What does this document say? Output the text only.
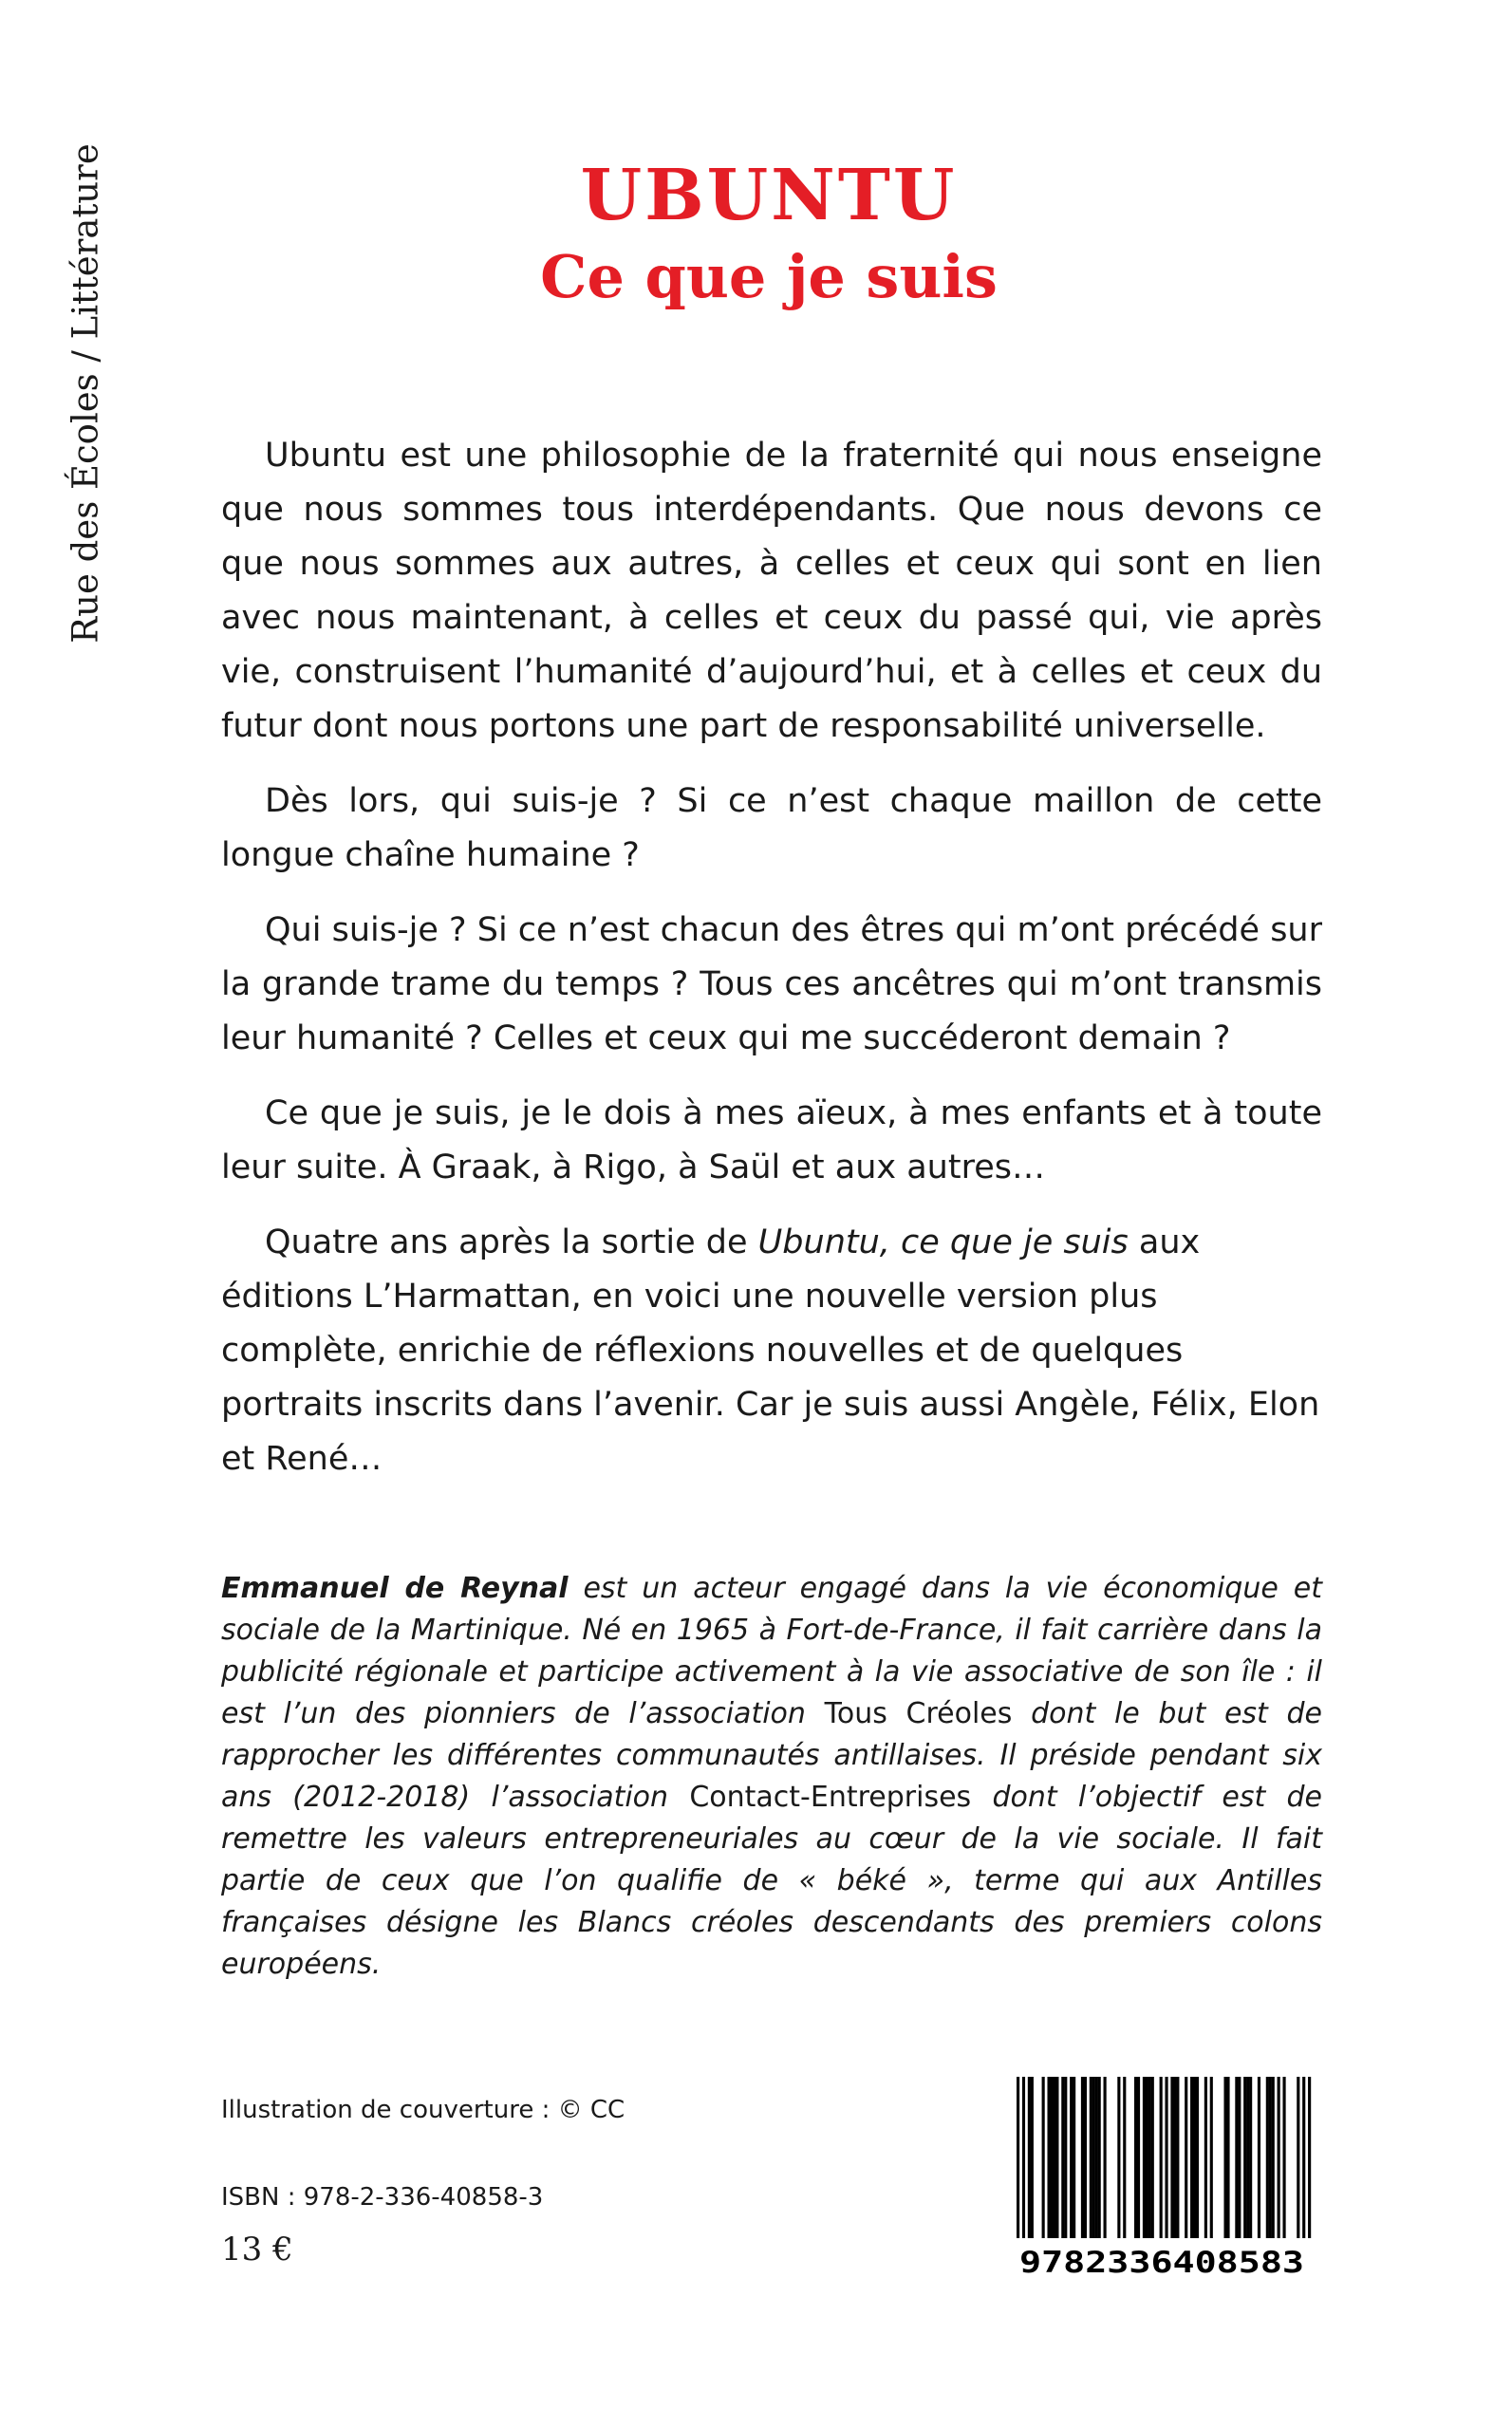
Rue des Écoles / Littérature	UBUNTU
Ce que je suis

Ubuntu est une philosophie de la fraternité qui nous enseigne que nous sommes tous interdépendants. Que nous devons ce que nous sommes aux autres, à celles et ceux qui sont en lien avec nous maintenant, à celles et ceux du passé qui, vie après vie, construisent l’humanité d’aujourd’hui, et à celles et ceux du futur dont nous portons une part de responsabilité universelle.

Dès lors, qui suis-je ? Si ce n’est chaque maillon de cette longue chaîne humaine ?

Qui suis-je ? Si ce n’est chacun des êtres qui m’ont précédé sur la grande trame du temps ? Tous ces ancêtres qui m’ont transmis leur humanité ? Celles et ceux qui me succéderont demain ?

Ce que je suis, je le dois à mes aïeux, à mes enfants et à toute leur suite. À Graak, à Rigo, à Saül et aux autres…

Quatre ans après la sortie de Ubuntu, ce que je suis aux éditions L’Harmattan, en voici une nouvelle version plus complète, enrichie de réflexions nouvelles et de quelques portraits inscrits dans l’avenir. Car je suis aussi Angèle, Félix, Elon et René…

Emmanuel de Reynal est un acteur engagé dans la vie économique et sociale de la Martinique. Né en 1965 à Fort-de-France, il fait carrière dans la publicité régionale et participe activement à la vie associative de son île : il est l’un des pionniers de l’association Tous Créoles dont le but est de rapprocher les différentes communautés antillaises. Il préside pendant six ans (2012-2018) l’association Contact-Entreprises dont l’objectif est de remettre les valeurs entrepreneuriales au cœur de la vie sociale. Il fait partie de ceux que l’on qualifie de « béké », terme qui aux Antilles françaises désigne les Blancs créoles descendants des premiers colons européens.

Illustration de couverture : © CC
ISBN : 978-2-336-40858-3
13 €	9782336408583
